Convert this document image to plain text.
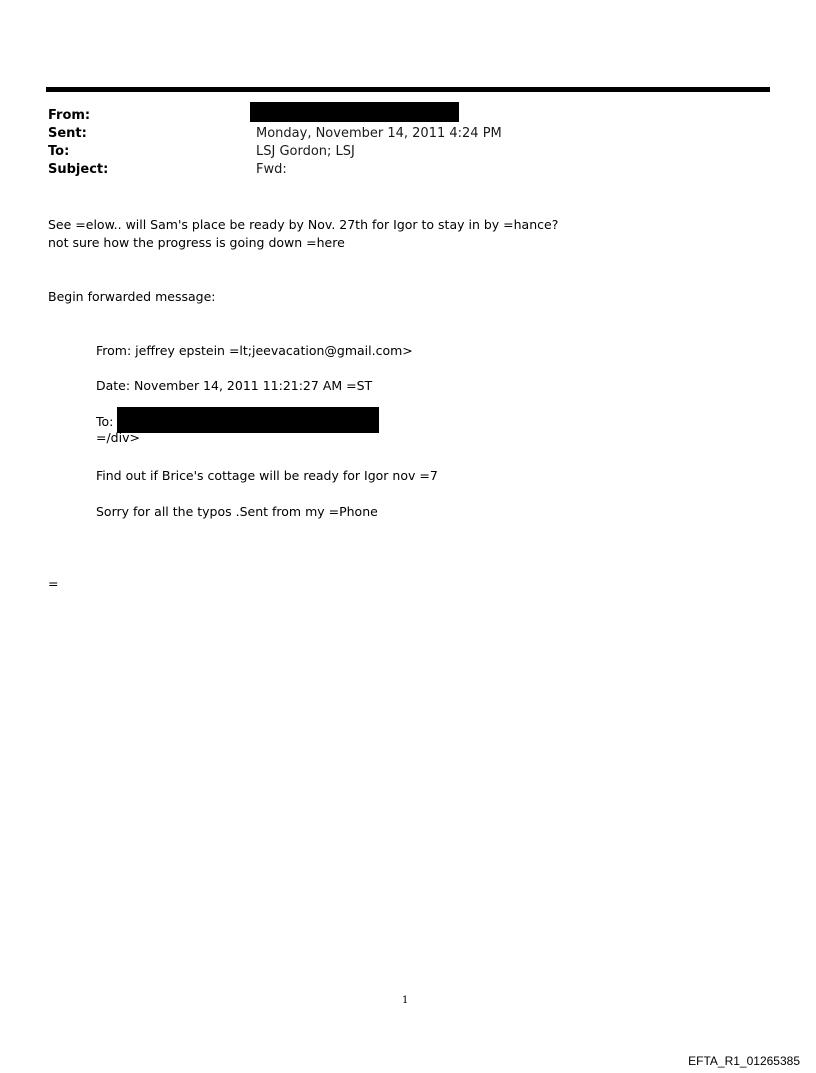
From:
Sent:	Monday, November 14, 2011 4:24 PM
To:	LSJ Gordon; LSJ
Subject:	Fwd:
See =elow.. will Sam's place be ready by Nov. 27th for Igor to stay in by =hance?
not sure how the progress is going down =here
Begin forwarded message:
From: jeffrey epstein =lt;jeevacation@gmail.com>
Date: November 14, 2011 11:21:27 AM =ST
To:
=/div>
Find out if Brice's cottage will be ready for Igor nov =7
Sorry for all the typos .Sent from my =Phone
=
1
EFTA_R1_01265385
